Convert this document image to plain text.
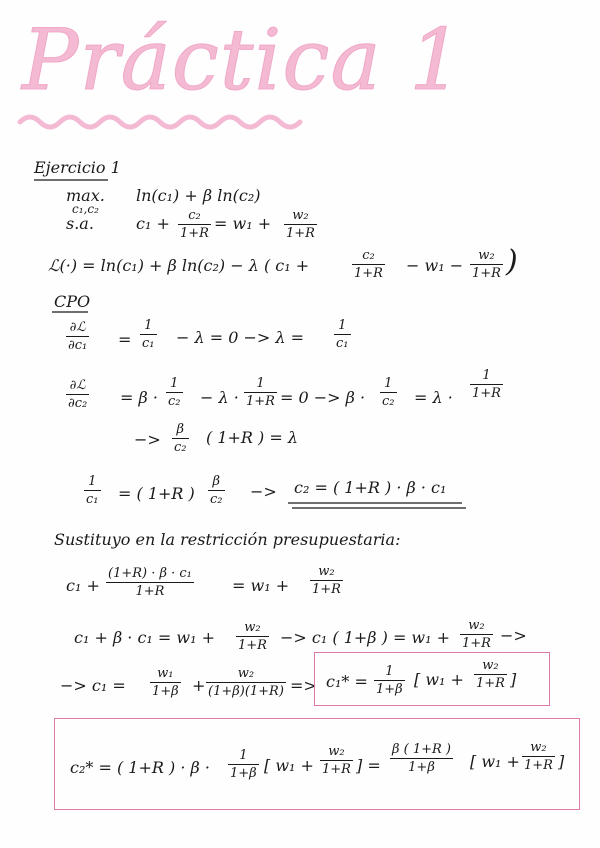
Práctica 1
Ejercicio 1
max.
c₁,c₂
ln(c₁) + β ln(c₂)
s.a.	c₁ + c₂
1+R
= w₁ + w₂
1+R
ℒ(·) = ln(c₁) + β ln(c₂) − λ ( c₁ +
c₂
1+R − w₁ −
w₂
1+R )
CPO
∂ℒ
∂c₁ =
1
c₁ − λ = 0 −> λ =
1
c₁
∂ℒ
∂c₂ = β ·
1
c₂ − λ ·
1
1+R = 0 −> β ·
1
c₂ = λ ·
1
1+R
−>
β
c₂
( 1+R ) = λ
1
c₁ = ( 1+R )
β
c₂ −> c₂ = ( 1+R ) · β · c₁
Sustituyo en la restricción presupuestaria:
c₁ +
(1+R) · β · c₁
1+R	= w₁ +
w₂
1+R
c₁ + β · c₁ = w₁ +
w₂
1+R −> c₁ ( 1+β ) = w₁ +
w₂
1+R −>
−> c₁ =
w₁
1+β +
w₂
(1+β)(1+R) => c₁* =
1
1+β
[ w₁ +
w₂
1+R ]
c₂* = ( 1+R ) · β ·
1
1+β [ w₁ +
w₂
1+R ] =
β ( 1+R )
1+β [ w₁ +
w₂
1+R ]
